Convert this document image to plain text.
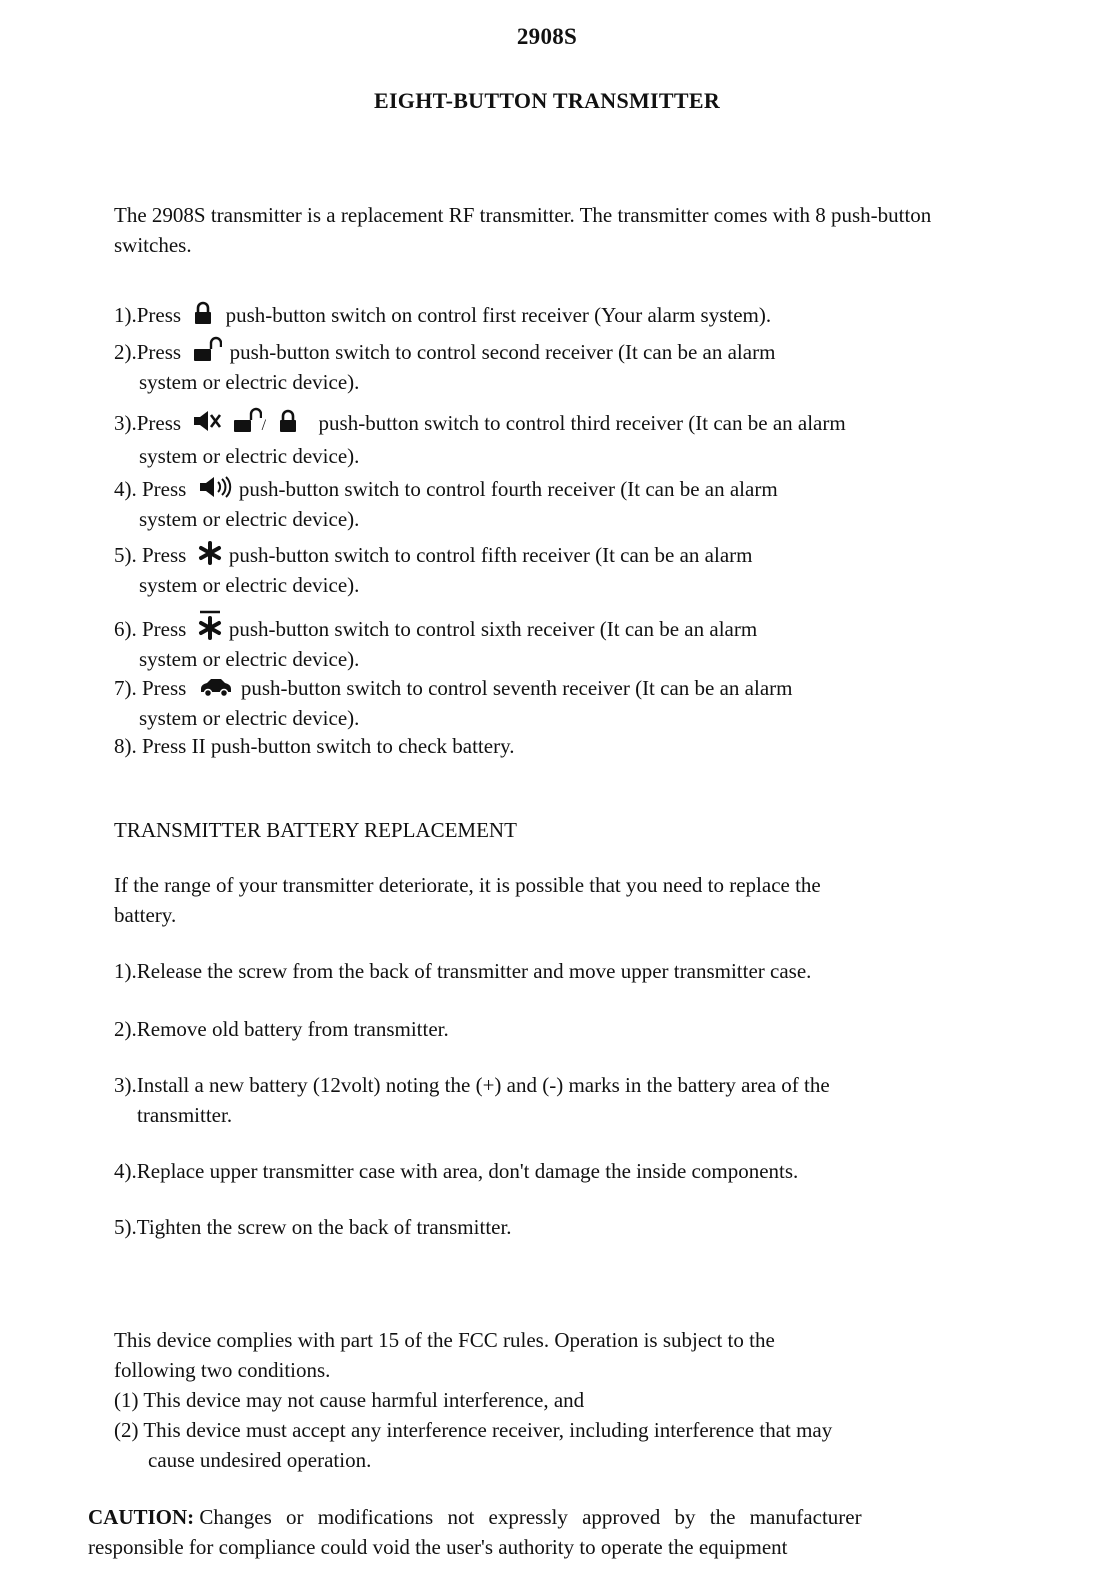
2908S
EIGHT-BUTTON TRANSMITTER

The 2908S transmitter is a replacement RF transmitter. The transmitter comes with 8 push-button switches.

1).Press push-button switch on control first receiver (Your alarm system).
2).Press push-button switch to control second receiver (It can be an alarm
system or electric device).
3).Press
	/	push-button switch to control third receiver (It can be an alarm
system or electric device).
4). Press	push-button switch to control fourth receiver (It can be an alarm
system or electric device).
5). Press push-button switch to control fifth receiver (It can be an alarm
system or electric device).
6). Press push-button switch to control sixth receiver (It can be an alarm
system or electric device).
7). Press	push-button switch to control seventh receiver (It can be an alarm
system or electric device).
8). Press II push-button switch to check battery.
TRANSMITTER BATTERY REPLACEMENT
If the range of your transmitter deteriorate, it is possible that you need to replace the
battery.
1).Release the screw from the back of transmitter and move upper transmitter case.
2).Remove old battery from transmitter.
3).Install a new battery (12volt) noting the (+) and (-) marks in the battery area of the
transmitter.
4).Replace upper transmitter case with area, don't damage the inside components.
5).Tighten the screw on the back of transmitter.
This device complies with part 15 of the FCC rules. Operation is subject to the
following two conditions.
(1) This device may not cause harmful interference, and
(2) This device must accept any interference receiver, including interference that may
cause undesired operation.
CAUTION: Changes or modifications not expressly approved by the manufacturer
responsible for compliance could void the user's authority to operate the equipment
